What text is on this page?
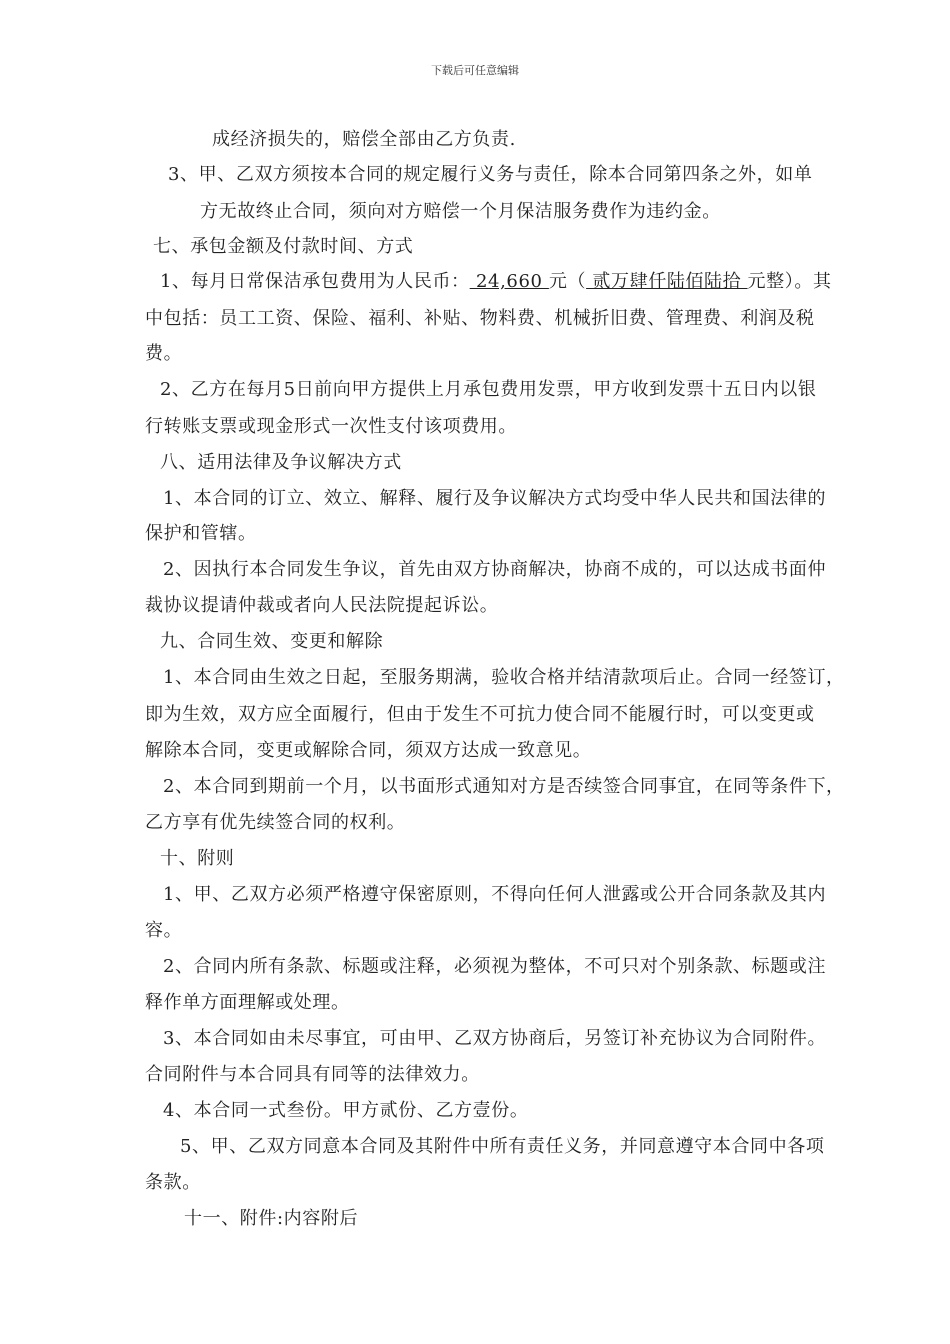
下载后可任意编辑
成经济损失的，赔偿全部由乙方负责.
3、甲、乙双方须按本合同的规定履行义务与责任，除本合同第四条之外，如单
方无故终止合同，须向对方赔偿一个月保洁服务费作为违约金。
七、承包金额及付款时间、方式
1、每月日常保洁承包费用为人民币： 24,660 元（ 贰万肆仟陆佰陆拾 元整）。其
中包括：员工工资、保险、福利、补贴、物料费、机械折旧费、管理费、利润及税
费。
2、乙方在每月5日前向甲方提供上月承包费用发票，甲方收到发票十五日内以银
行转账支票或现金形式一次性支付该项费用。
八、适用法律及争议解决方式
1、本合同的订立、效立、解释、履行及争议解决方式均受中华人民共和国法律的
保护和管辖。
2、因执行本合同发生争议，首先由双方协商解决，协商不成的，可以达成书面仲
裁协议提请仲裁或者向人民法院提起诉讼。
九、合同生效、变更和解除
1、本合同由生效之日起，至服务期满，验收合格并结清款项后止。合同一经签订，
即为生效，双方应全面履行，但由于发生不可抗力使合同不能履行时，可以变更或
解除本合同，变更或解除合同，须双方达成一致意见。
2、本合同到期前一个月，以书面形式通知对方是否续签合同事宜，在同等条件下，
乙方享有优先续签合同的权利。
十、附则
1、甲、乙双方必须严格遵守保密原则，不得向任何人泄露或公开合同条款及其内
容。
2、合同内所有条款、标题或注释，必须视为整体，不可只对个别条款、标题或注
释作单方面理解或处理。
3、本合同如由未尽事宜，可由甲、乙双方协商后，另签订补充协议为合同附件。
合同附件与本合同具有同等的法律效力。
4、本合同一式叁份。甲方贰份、乙方壹份。
5、甲、乙双方同意本合同及其附件中所有责任义务，并同意遵守本合同中各项
条款。
十一、附件:内容附后
